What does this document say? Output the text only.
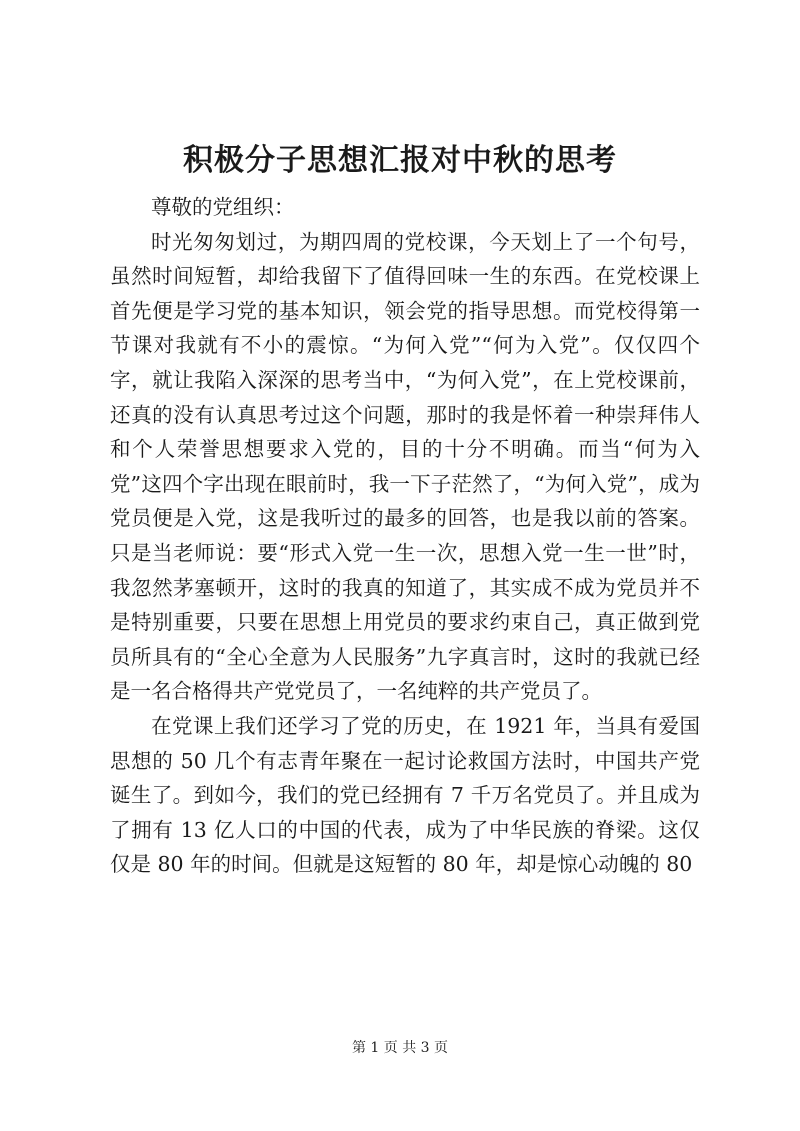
积极分子思想汇报对中秋的思考

尊敬的党组织：

时光匆匆划过，为期四周的党校课，今天划上了一个句号，虽然时间短暂，却给我留下了值得回味一生的东西。在党校课上首先便是学习党的基本知识，领会党的指导思想。而党校得第一节课对我就有不小的震惊。“为何入党”“何为入党”。仅仅四个字，就让我陷入深深的思考当中，“为何入党”，在上党校课前，还真的没有认真思考过这个问题，那时的我是怀着一种崇拜伟人和个人荣誉思想要求入党的，目的十分不明确。而当“何为入党”这四个字出现在眼前时，我一下子茫然了，“为何入党”，成为党员便是入党，这是我听过的最多的回答，也是我以前的答案。只是当老师说：要“形式入党一生一次，思想入党一生一世”时，我忽然茅塞顿开，这时的我真的知道了，其实成不成为党员并不是特别重要，只要在思想上用党员的要求约束自己，真正做到党员所具有的“全心全意为人民服务”九字真言时，这时的我就已经是一名合格得共产党党员了，一名纯粹的共产党员了。

在党课上我们还学习了党的历史，在 1921 年，当具有爱国思想的 50 几个有志青年聚在一起讨论救国方法时，中国共产党诞生了。到如今，我们的党已经拥有 7 千万名党员了。并且成为了拥有 13 亿人口的中国的代表，成为了中华民族的脊梁。这仅仅是 80 年的时间。但就是这短暂的 80 年，却是惊心动魄的 80

第 1 页 共 3 页
